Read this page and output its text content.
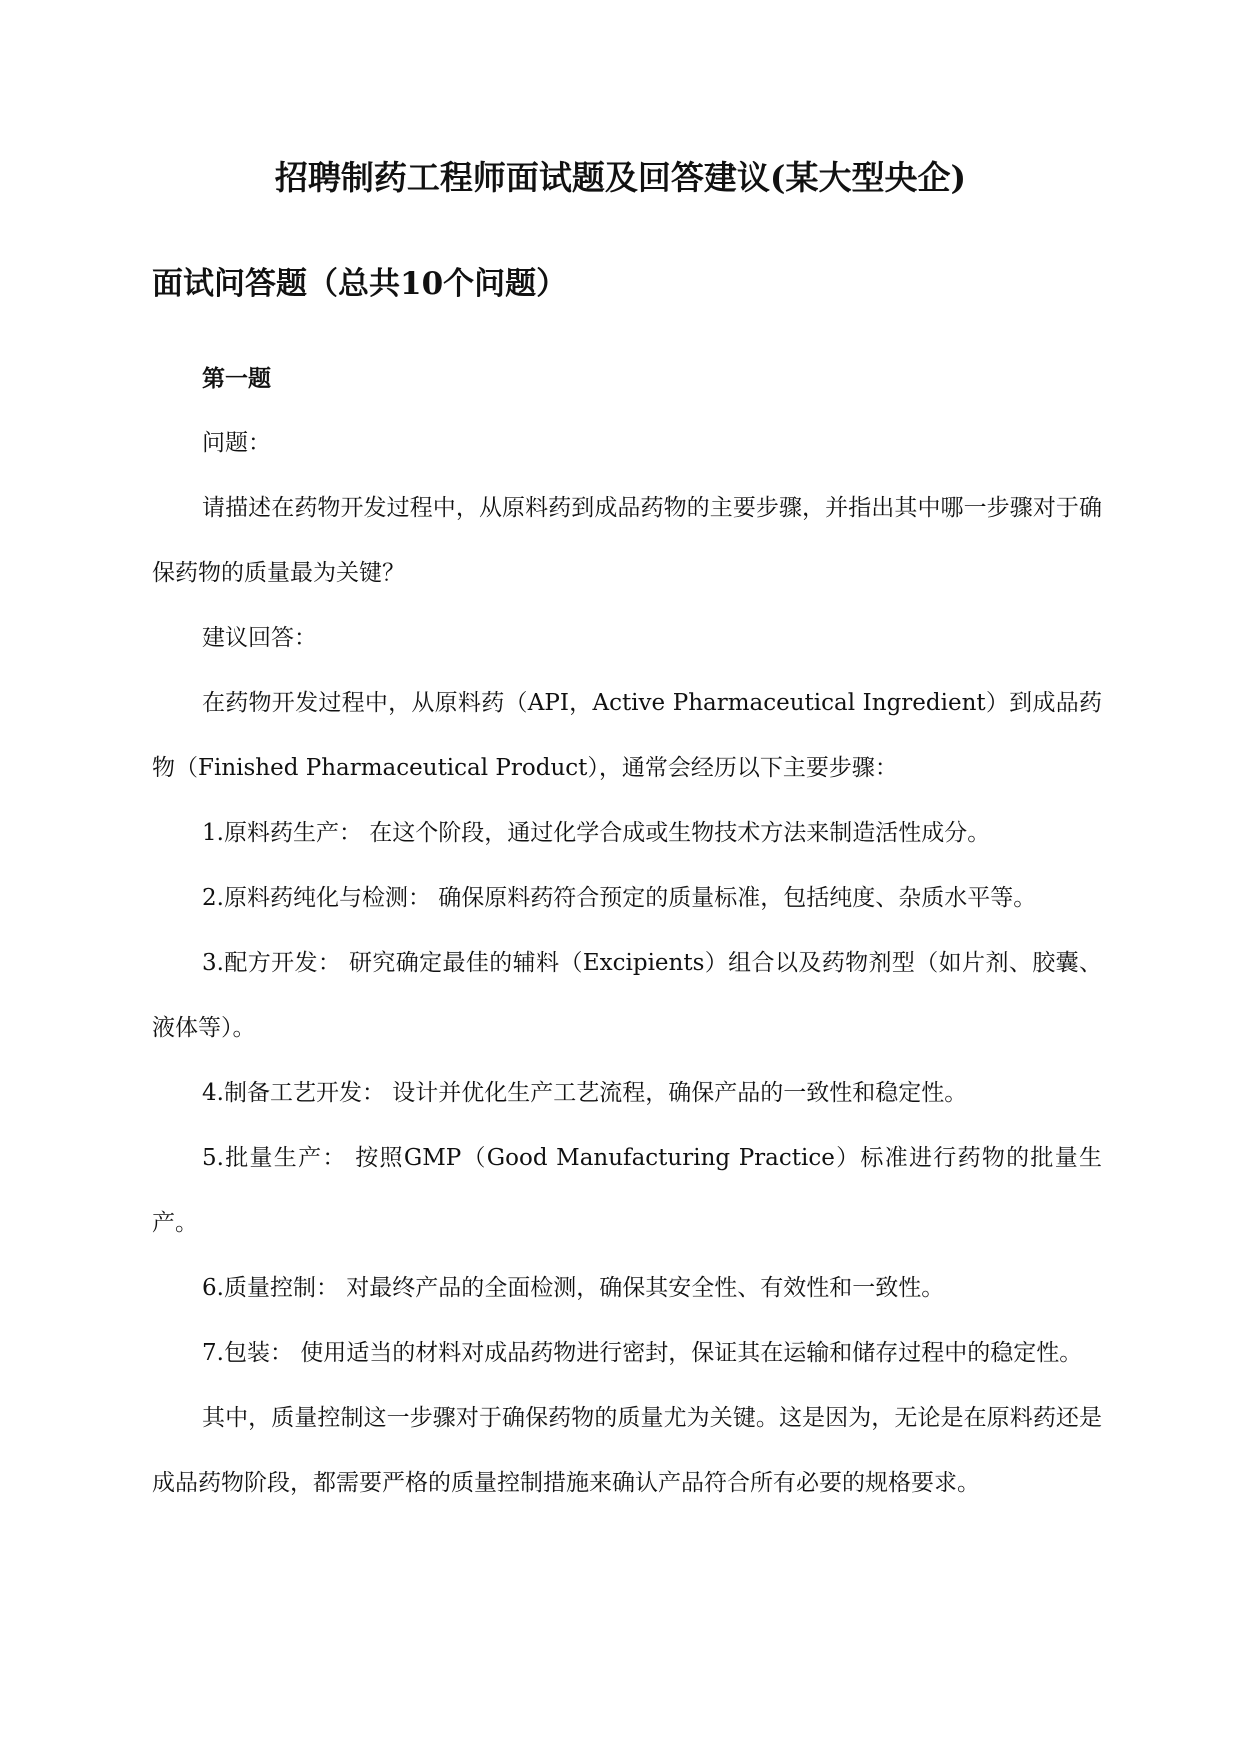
招聘制药工程师面试题及回答建议(某大型央企)
面试问答题（总共10个问题）

第一题

问题：

请描述在药物开发过程中，从原料药到成品药物的主要步骤，并指出其中哪一步骤对于确保药物的质量最为关键？

建议回答：

在药物开发过程中，从原料药（API，Active Pharmaceutical Ingredient）到成品药物（Finished Pharmaceutical Product），通常会经历以下主要步骤：

1.原料药生产： 在这个阶段，通过化学合成或生物技术方法来制造活性成分。

2.原料药纯化与检测： 确保原料药符合预定的质量标准，包括纯度、杂质水平等。

3.配方开发： 研究确定最佳的辅料（Excipients）组合以及药物剂型（如片剂、胶囊、液体等）。

4.制备工艺开发： 设计并优化生产工艺流程，确保产品的一致性和稳定性。

5.批量生产： 按照GMP（Good Manufacturing Practice）标准进行药物的批量生产。

6.质量控制： 对最终产品的全面检测，确保其安全性、有效性和一致性。

7.包装： 使用适当的材料对成品药物进行密封，保证其在运输和储存过程中的稳定性。

其中，质量控制这一步骤对于确保药物的质量尤为关键。这是因为，无论是在原料药还是成品药物阶段，都需要严格的质量控制措施来确认产品符合所有必要的规格要求。
